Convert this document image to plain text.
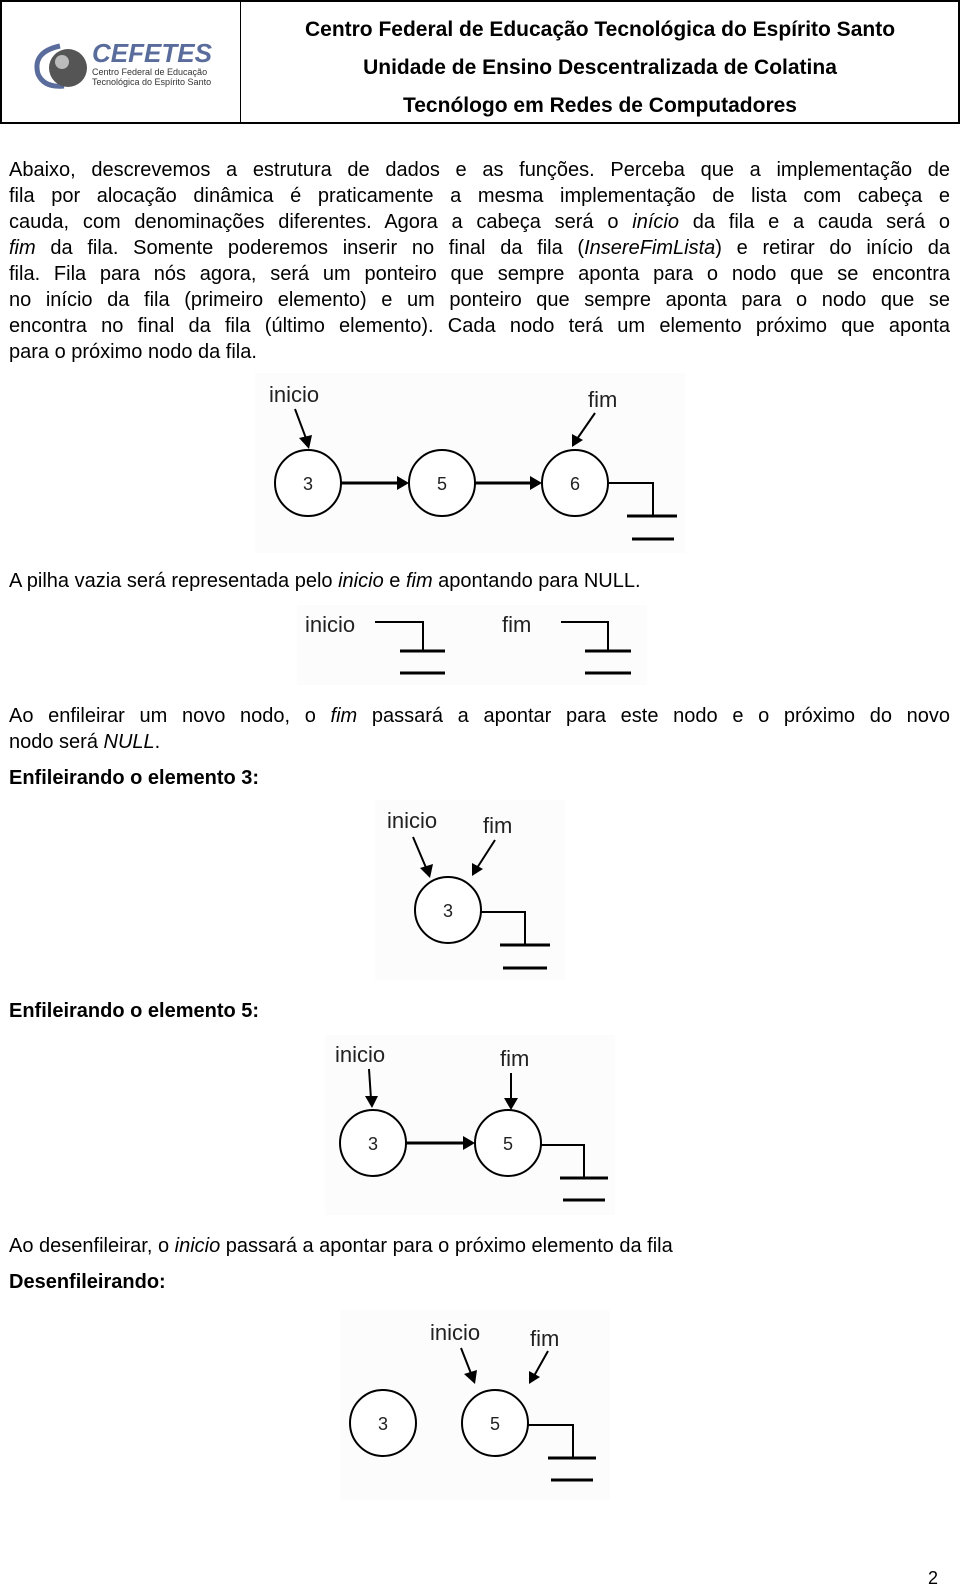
CEFETES
Centro Federal de Educação
Tecnológica do Espírito Santo
Centro Federal de Educação Tecnológica do Espírito Santo
Unidade de Ensino Descentralizada de Colatina
Tecnólogo em Redes de Computadores
Abaixo, descrevemos a estrutura de dados e as funções. Perceba que a implementação de
fila por alocação dinâmica é praticamente a mesma implementação de lista com cabeça e
cauda, com denominações diferentes. Agora a cabeça será o início da fila e a cauda será o
fim da fila. Somente poderemos inserir no final da fila (InsereFimLista) e retirar do início da
fila. Fila para nós agora, será um ponteiro que sempre aponta para o nodo que se encontra
no início da fila (primeiro elemento) e um ponteiro que sempre aponta para o nodo que se
encontra no final da fila (último elemento). Cada nodo terá um elemento próximo que aponta
para o próximo nodo da fila.
inicio	fim
3	5	6
A pilha vazia será representada pelo inicio e fim apontando para NULL.
inicio	fim
Ao enfileirar um novo nodo, o fim passará a apontar para este nodo e o próximo do novo
nodo será NULL.
Enfileirando o elemento 3:
inicio fim
3
Enfileirando o elemento 5:
inicio	fim
3	5
Ao desenfileirar, o inicio passará a apontar para o próximo elemento da fila
Desenfileirando:
inicio fim
3	5
2
